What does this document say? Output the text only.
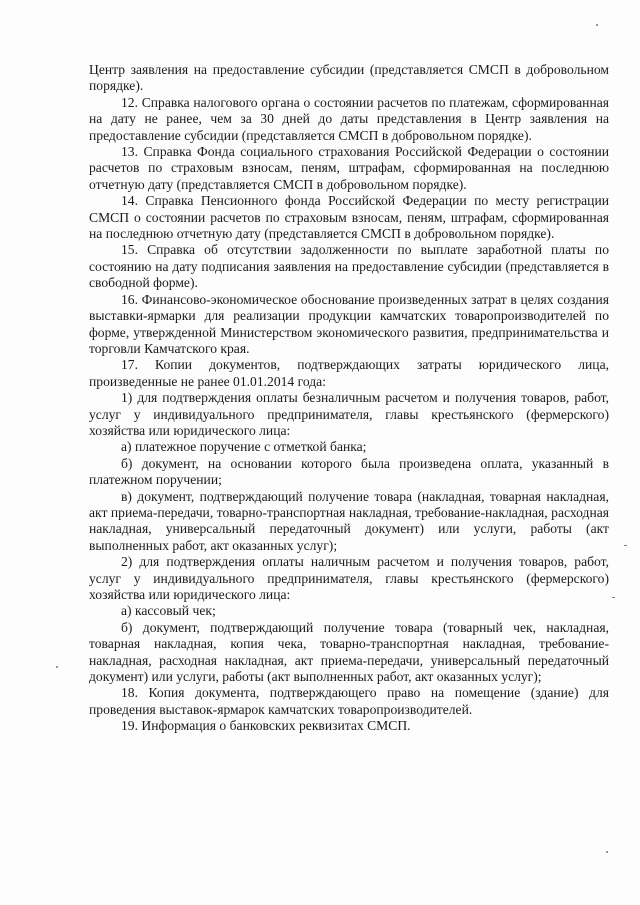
Центр заявления на предоставление субсидии (представляется СМСП в добровольном порядке).

12. Справка налогового органа о состоянии расчетов по платежам, сформированная на дату не ранее, чем за 30 дней до даты представления в Центр заявления на предоставление субсидии (представляется СМСП в добровольном порядке).

13. Справка Фонда социального страхования Российской Федерации о состоянии расчетов по страховым взносам, пеням, штрафам, сформированная на последнюю отчетную дату (представляется СМСП в добровольном порядке).

14. Справка Пенсионного фонда Российской Федерации по месту регистрации СМСП о состоянии расчетов по страховым взносам, пеням, штрафам, сформированная на последнюю отчетную дату (представляется СМСП в добровольном порядке).

15. Справка об отсутствии задолженности по выплате заработной платы по состоянию на дату подписания заявления на предоставление субсидии (представляется в свободной форме).

16. Финансово-экономическое обоснование произведенных затрат в целях создания выставки-ярмарки для реализации продукции камчатских товаропроизводителей по форме, утвержденной Министерством экономического развития, предпринимательства и торговли Камчатского края.

17. Копии документов, подтверждающих затраты юридического лица, произведенные не ранее 01.01.2014 года:

1) для подтверждения оплаты безналичным расчетом и получения товаров, работ, услуг у индивидуального предпринимателя, главы крестьянского (фермерского) хозяйства или юридического лица:

а) платежное поручение с отметкой банка;

б) документ, на основании которого была произведена оплата, указанный в платежном поручении;

в) документ, подтверждающий получение товара (накладная, товарная накладная, акт приема-передачи, товарно-транспортная накладная, требование-накладная, расходная накладная, универсальный передаточный документ) или услуги, работы (акт выполненных работ, акт оказанных услуг);

2) для подтверждения оплаты наличным расчетом и получения товаров, работ, услуг у индивидуального предпринимателя, главы крестьянского (фермерского) хозяйства или юридического лица:

а) кассовый чек;

б) документ, подтверждающий получение товара (товарный чек, накладная, товарная накладная, копия чека, товарно-транспортная накладная, требование-накладная, расходная накладная, акт приема-передачи, универсальный передаточный документ) или услуги, работы (акт выполненных работ, акт оказанных услуг);

18. Копия документа, подтверждающего право на помещение (здание) для проведения выставок-ярмарок камчатских товаропроизводителей.

19. Информация о банковских реквизитах СМСП.
